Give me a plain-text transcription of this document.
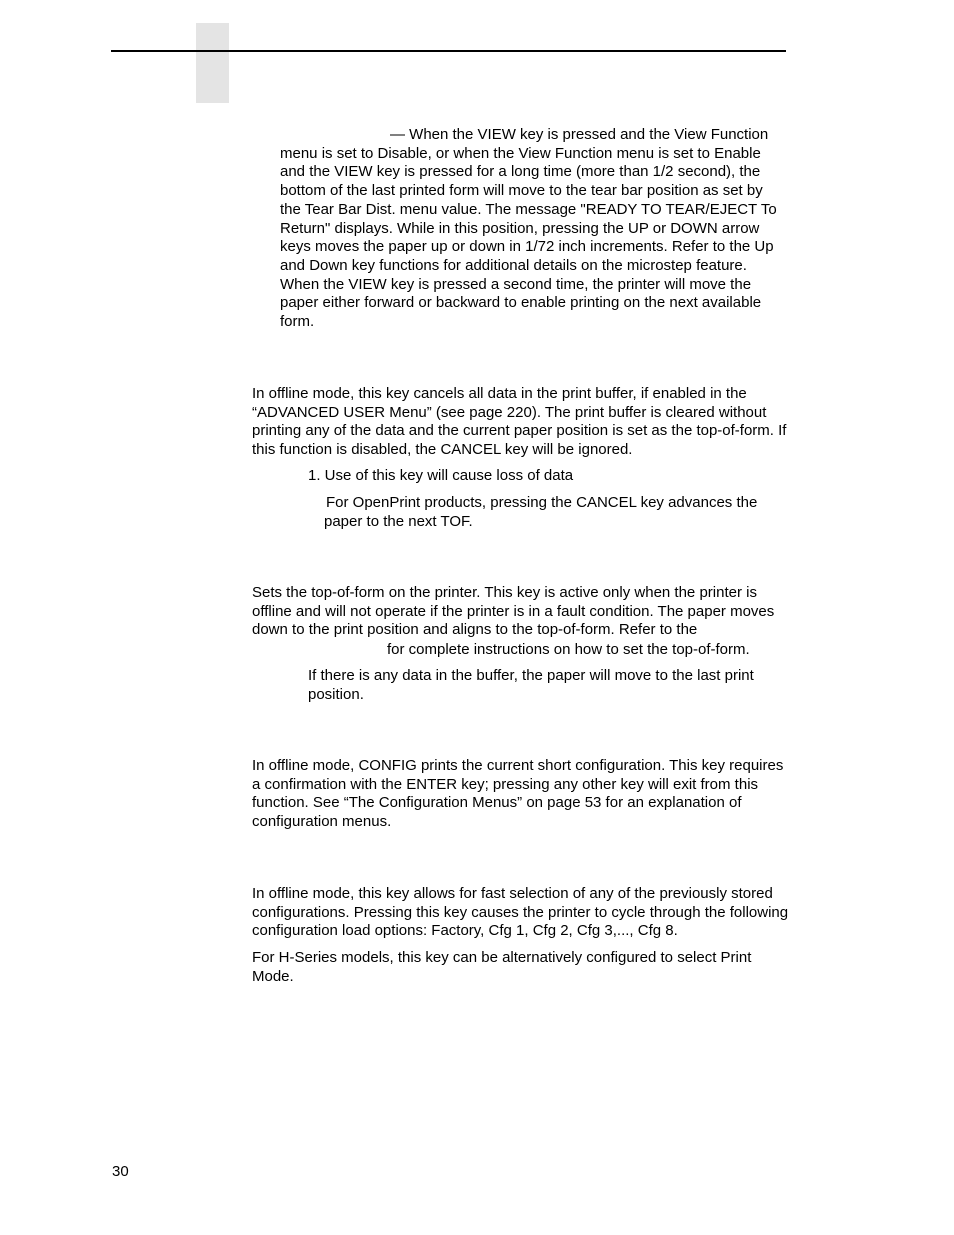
— When the VIEW key is pressed and the View Function menu is set to Disable, or when the View Function menu is set to Enable and the VIEW key is pressed for a long time (more than 1/2 second), the bottom of the last printed form will move to the tear bar position as set by the Tear Bar Dist. menu value. The message "READY TO TEAR/EJECT To Return" displays. While in this position, pressing the UP or DOWN arrow keys moves the paper up or down in 1/72 inch increments. Refer to the Up and Down key functions for additional details on the microstep feature. When the VIEW key is pressed a second time, the printer will move the paper either forward or backward to enable printing on the next available form.

In offline mode, this key cancels all data in the print buffer, if enabled in the “ADVANCED USER Menu” (see page 220). The print buffer is cleared without printing any of the data and the current paper position is set as the top-of-form. If this function is disabled, the CANCEL key will be ignored.

1. Use of this key will cause loss of data

For OpenPrint products, pressing the CANCEL key advances the paper to the next TOF.

Sets the top-of-form on the printer. This key is active only when the printer is offline and will not operate if the printer is in a fault condition. The paper moves down to the print position and aligns to the top-of-form. Refer to the

for complete instructions on how to set the top-of-form.

If there is any data in the buffer, the paper will move to the last print position.

In offline mode, CONFIG prints the current short configuration. This key requires a confirmation with the ENTER key; pressing any other key will exit from this function. See “The Configuration Menus” on page 53 for an explanation of configuration menus.

In offline mode, this key allows for fast selection of any of the previously stored configurations. Pressing this key causes the printer to cycle through the following configuration load options: Factory, Cfg 1, Cfg 2, Cfg 3,..., Cfg 8.

For H-Series models, this key can be alternatively configured to select Print Mode.

30
